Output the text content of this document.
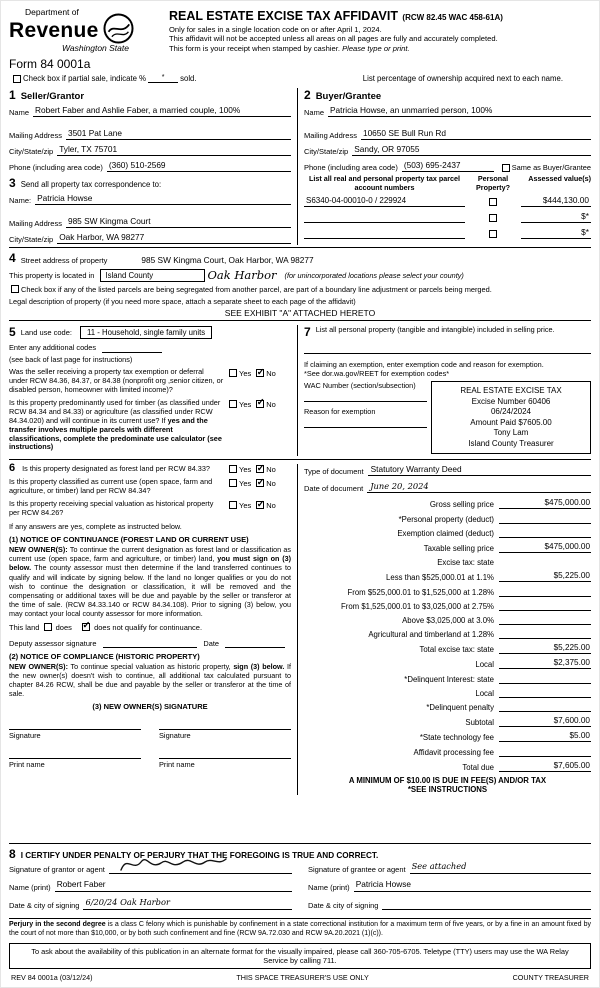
Department of
Revenue
Washington State
REAL ESTATE EXCISE TAX AFFIDAVIT (RCW 82.45 WAC 458-61A)
Only for sales in a single location code on or after April 1, 2024.
This affidavit will not be accepted unless all areas on all pages are fully and accurately completed.
This form is your receipt when stamped by cashier. Please type or print.
Form 84 0001a
Check box if partial sale, indicate %	*	sold.	List percentage of ownership acquired next to each name.
1 Seller/Grantor
Name Robert Faber and Ashlie Faber, a married couple, 100%
Mailing Address 3501 Pat Lane
City/State/zip Tyler, TX 75701
Phone (including area code) (360) 510-2569
3 Send all property tax correspondence to:
Name: Patricia Howse
Mailing Address 985 SW Kingma Court
City/State/zip Oak Harbor, WA 98277
2 Buyer/Grantee
Name Patricia Howse, an unmarried person, 100%
Mailing Address 10650 SE Bull Run Rd
City/State/zip Sandy, OR 97055
Phone (including area code) (503) 695-2437	Same as Buyer/Grantee
List all real and personal property tax parcel account numbers
Personal Property?
Assessed value(s)
S6340-04-00010-0 / 229924	$444,130.00
$*
$*
4 Street address of property	985 SW Kingma Court, Oak Harbor, WA 98277
This property is located in	Island County	Oak Harbor (for unincorporated locations please select your county)
Check box if any of the listed parcels are being segregated from another parcel, are part of a boundary line adjustment or parcels being merged.
Legal description of property (if you need more space, attach a separate sheet to each page of the affidavit)
SEE EXHIBIT "A" ATTACHED HERETO
5 Land use code:	11 - Household, single family units
Enter any additional codes
(see back of last page for instructions)
Was the seller receiving a property tax exemption or deferral under RCW 84.36, 84.37, or 84.38 (nonprofit org ,senior citizen, or disabled person, homeowner with limited income)?
Yes ✓ No
Is this property predominantly used for timber (as classified under RCW 84.34 and 84.33) or agriculture (as classified under RCW 84.34.020) and will continue in its current use? If yes and the transfer involves multiple parcels with different classifications, complete the predominate use calculator (see instructions)
Yes ✓ No
7 List all personal property (tangible and intangible) included in selling price.
If claiming an exemption, enter exemption code and reason for exemption.
*See dor.wa.gov/REET for exemption codes*
WAC Number (section/subsection)
Reason for exemption
REAL ESTATE EXCISE TAX
Excise Number 60406
06/24/2024
Amount Paid $7605.00
Tony Lam
Island County Treasurer
6 Is this property designated as forest land per RCW 84.33?	Yes ✓ No
Is this property classified as current use (open space, farm and agriculture, or timber) land per RCW 84.34?
Yes ✓ No
Is this property receiving special valuation as historical property per RCW 84.26?
Yes ✓ No
If any answers are yes, complete as instructed below.
(1) NOTICE OF CONTINUANCE (FOREST LAND OR CURRENT USE)
NEW OWNER(S): To continue the current designation as forest land or classification as current use (open space, farm and agriculture, or timber) land, you must sign on (3) below. The county assessor must then determine if the land transferred continues to qualify and will indicate by signing below. If the land no longer qualifies or you do not wish to continue the designation or classification, it will be removed and the compensating or additional taxes will be due and payable by the seller or transferor at the time of sale. (RCW 84.33.140 or RCW 84.34.108). Prior to signing (3) below, you may contact your local county assessor for more information.
This land does ✓	does not qualify for continuance.
Deputy assessor signature	Date
(2) NOTICE OF COMPLIANCE (HISTORIC PROPERTY)
NEW OWNER(S): To continue special valuation as historic property, sign (3) below. If the new owner(s) doesn't wish to continue, all additional tax calculated pursuant to chapter 84.26 RCW, shall be due and payable by the seller or transferor at the time of sale.
(3) NEW OWNER(S) SIGNATURE
Signature
Print name
Signature
Print name
Type of document Statutory Warranty Deed
Date of document June 20, 2024
Gross selling price	$475,000.00
*Personal property (deduct)
Exemption claimed (deduct)
Taxable selling price	$475,000.00
Excise tax: state
Less than $525,000.01 at 1.1%	$5,225.00
From $525,000.01 to $1,525,000 at 1.28%
From $1,525,000.01 to $3,025,000 at 2.75%
Above $3,025,000 at 3.0%
Agricultural and timberland at 1.28%
Total excise tax: state	$5,225.00
Local	$2,375.00
*Delinquent Interest: state
Local
*Delinquent penalty
Subtotal	$7,600.00
*State technology fee	$5.00
Affidavit processing fee
Total due	$7,605.00
A MINIMUM OF $10.00 IS DUE IN FEE(S) AND/OR TAX
*SEE INSTRUCTIONS
8 I CERTIFY UNDER PENALTY OF PERJURY THAT THE FOREGOING IS TRUE AND CORRECT.
Signature of grantor or agent
Name (print) Robert Faber
Date & city of signing 6/20/24 Oak Harbor
Signature of grantee or agent See attached
Name (print) Patricia Howse
Date & city of signing
Perjury in the second degree is a class C felony which is punishable by confinement in a state correctional institution for a maximum term of five years, or by a fine in an amount fixed by the court of not more than $10,000, or by both such confinement and fine (RCW 9A.72.030 and RCW 9A.20.2021 (1)(c)).
To ask about the availability of this publication in an alternate format for the visually impaired, please call 360-705-6705. Teletype (TTY) users may use the WA Relay Service by calling 711.
REV 84 0001a (03/12/24)	THIS SPACE TREASURER'S USE ONLY	COUNTY TREASURER
